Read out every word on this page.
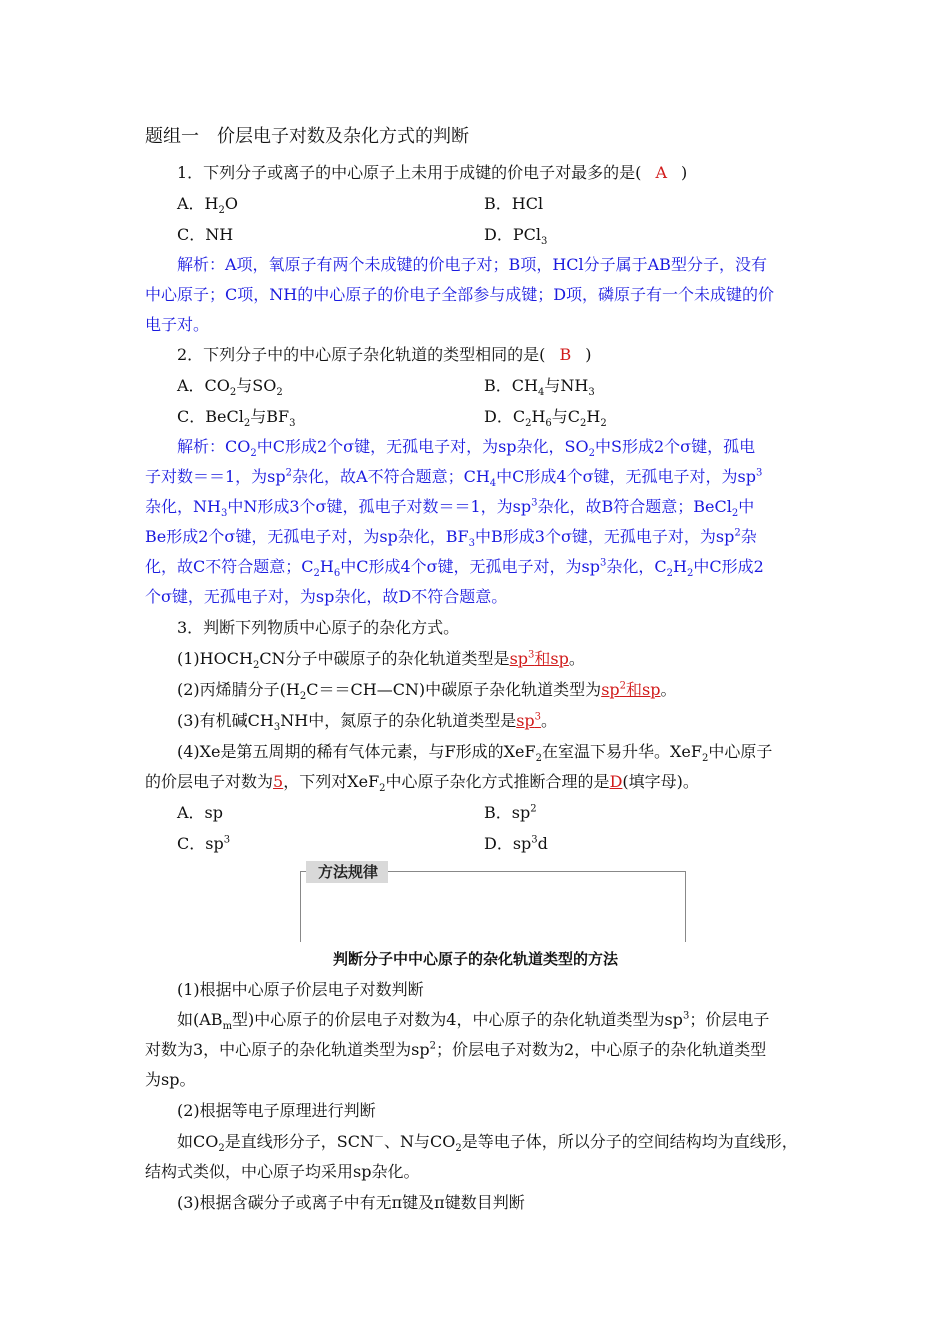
题组一　价层电子对数及杂化方式的判断
1．下列分子或离子的中心原子上未用于成键的价电子对最多的是( A )
A．$H_2O$	B．HCl
C．NH	D．PCl$_3$
解析：A项，氧原子有两个未成键的价电子对；B项，HCl分子属于AB型分子，没有
中心原子；C项，NH的中心原子的价电子全部参与成键；D项，磷原子有一个未成键的价
电子对。
2．下列分子中的中心原子杂化轨道的类型相同的是( B )
A．$CO_2$与$SO_2$	B．$CH_4$与$NH_3$
C．BeCl$_2$与$BF_3$	D．$C_2H_6$与$C_2H_2$
解析：$CO_2$中C形成2个σ键，无孤电子对，为sp杂化，$SO_2$中S形成2个σ键，孤电
子对数＝＝1，为$sp^2$杂化，故A不符合题意；$CH_4$中C形成4个σ键，无孤电子对，为$sp^3$
杂化，$NH_3$中N形成3个σ键，孤电子对数＝＝1，为$sp^3$杂化，故B符合题意；BeCl$_2$中
Be形成2个σ键，无孤电子对，为sp杂化，$BF_3$中B形成3个σ键，无孤电子对，为$sp^2$杂
化，故C不符合题意；$C_2H_6$中C形成4个σ键，无孤电子对，为$sp^3$杂化，$C_2H_2$中C形成2
个σ键，无孤电子对，为sp杂化，故D不符合题意。
3．判断下列物质中心原子的杂化方式。
$(1)HOCH_2CN$分子中碳原子的杂化轨道类型是$sp^3$和sp。
(2)丙烯腈分子$(H_2C==CH—CN)$中碳原子杂化轨道类型为$sp^2$和sp。
(3)有机碱$CH_3NH$中，氮原子的杂化轨道类型是$sp^3$。
(4)Xe是第五周期的稀有气体元素，与F形成的XeF$_2$在室温下易升华。XeF$_2$中心原子
的价层电子对数为5，下列对XeF$_2$中心原子杂化方式推断合理的是D(填字母)。
A．sp	B．$sp^2$
C．$sp^3$	D．$sp^3d$
方法规律
判断分子中中心原子的杂化轨道类型的方法
(1)根据中心原子价层电子对数判断
如($AB_m$型)中心原子的价层电子对数为4，中心原子的杂化轨道类型为$sp^3$；价层电子
对数为3，中心原子的杂化轨道类型为$sp^2$；价层电子对数为2，中心原子的杂化轨道类型
为sp。
(2)根据等电子原理进行判断
如$CO_2$是直线形分子，SCN－、N与$CO_2$是等电子体，所以分子的空间结构均为直线形，
结构式类似，中心原子均采用sp杂化。
(3)根据含碳分子或离子中有无π键及π键数目判断
